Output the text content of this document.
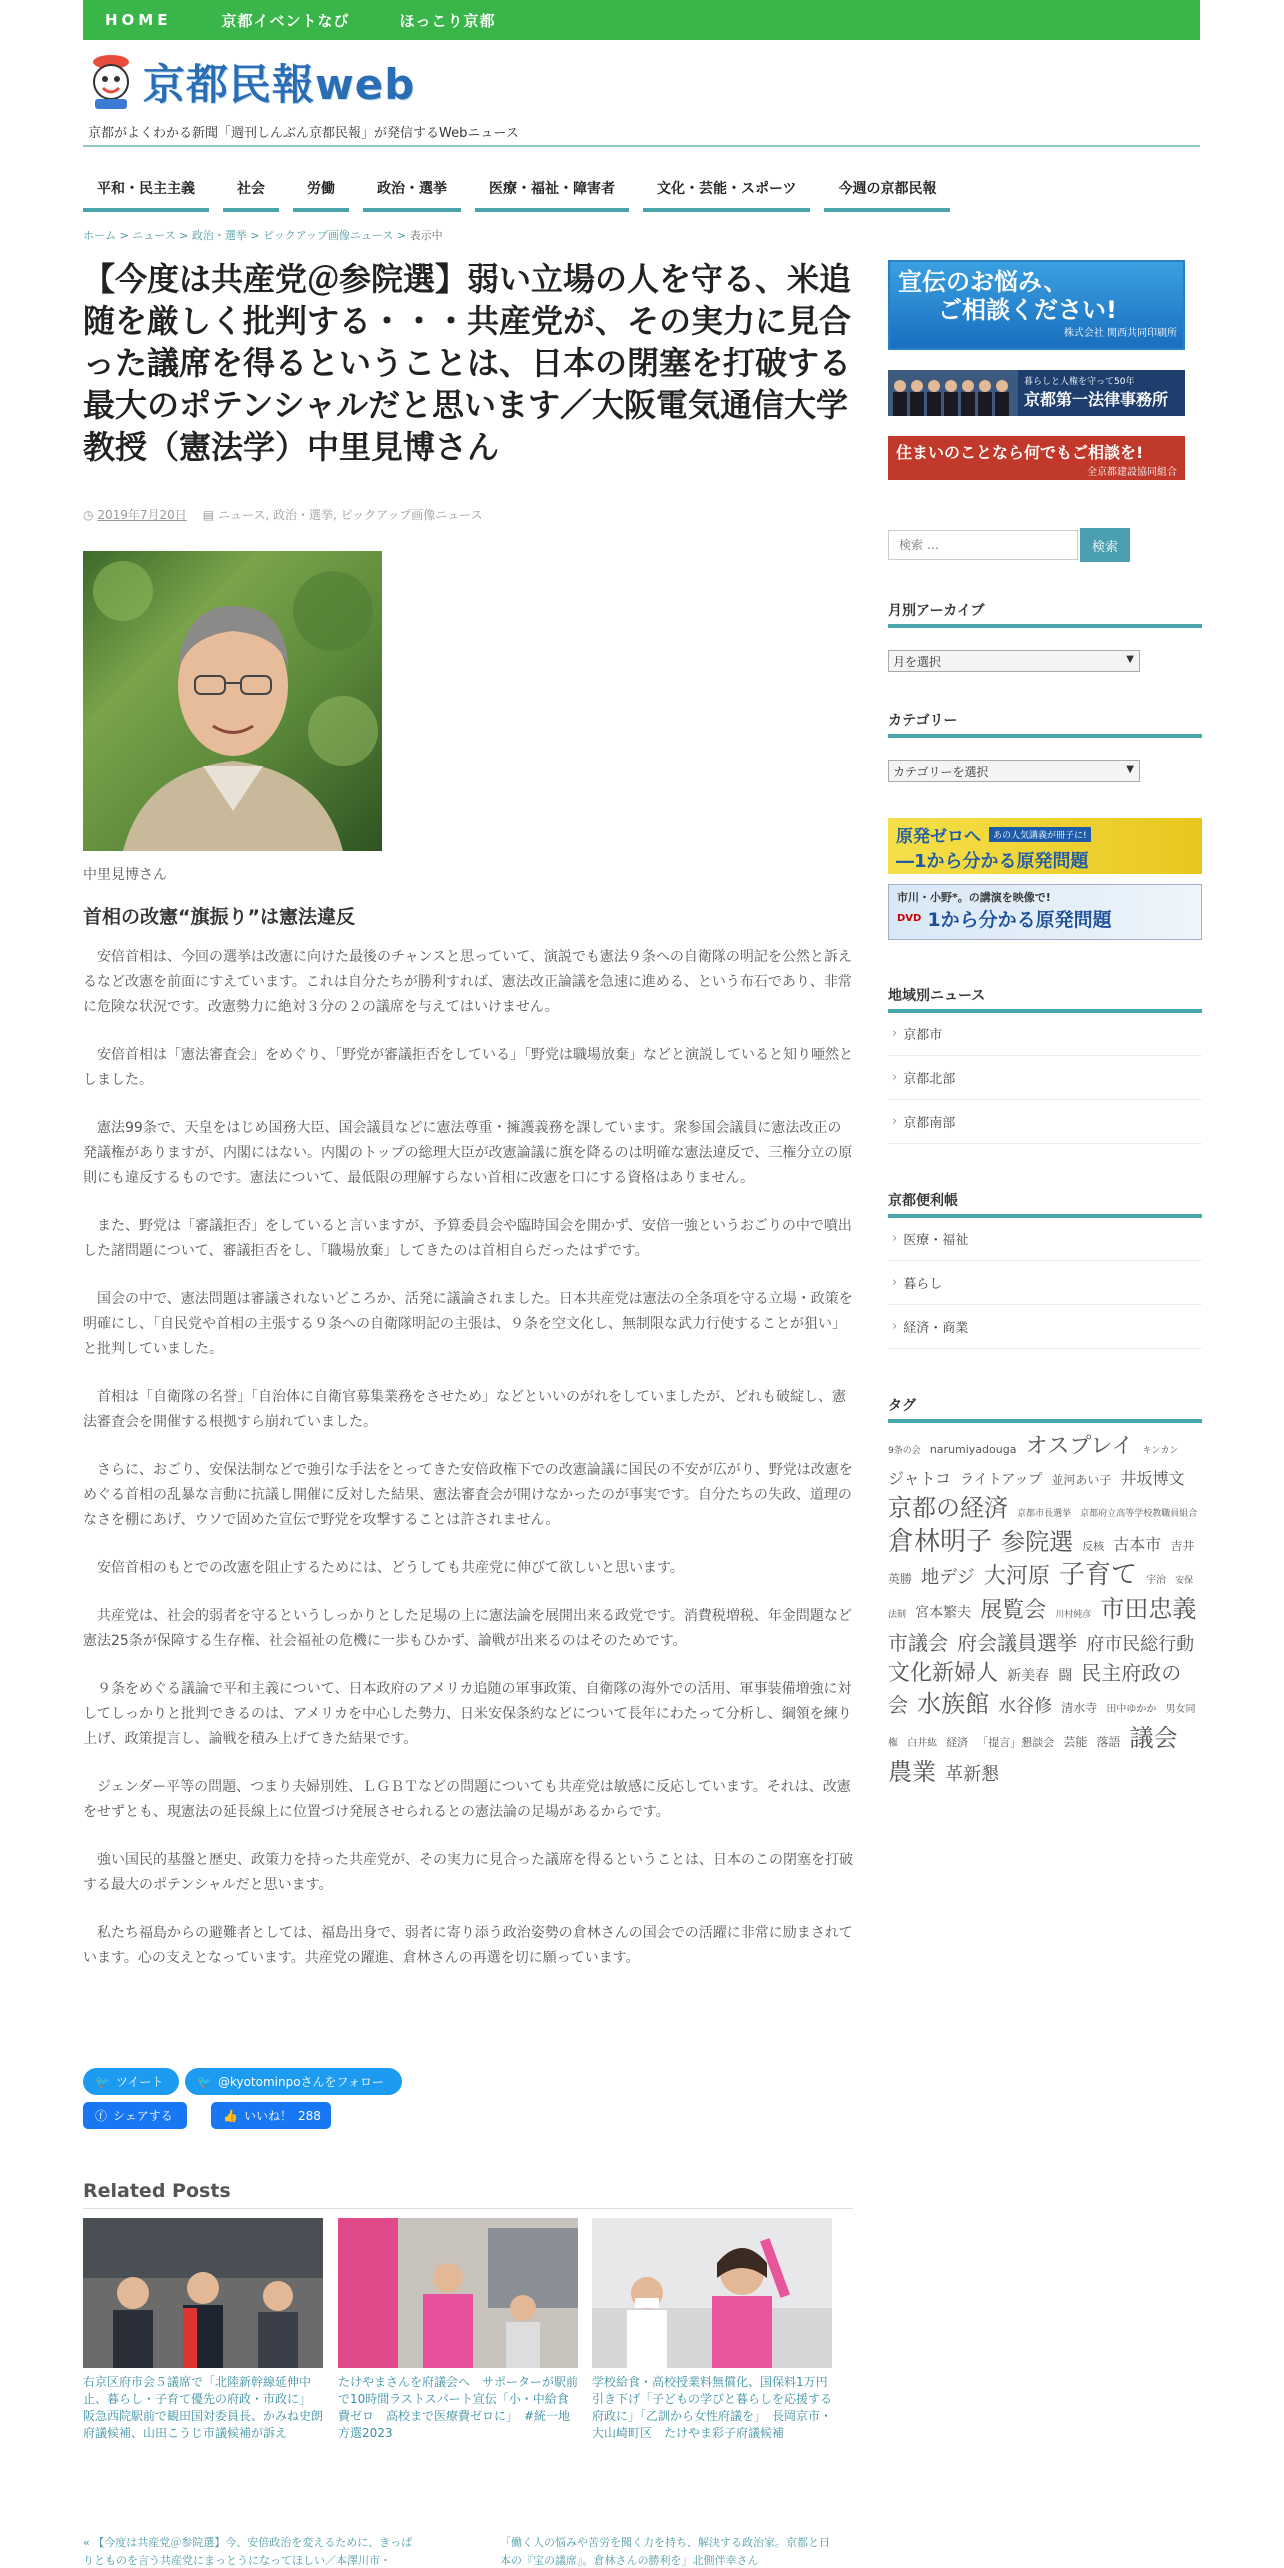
HOME	京都イベントなび	ほっこり京都
京都民報web
京都がよくわかる新聞「週刊しんぶん京都民報」が発信するWebニュース
平和・民主主義	社会	労働	政治・選挙	医療・福祉・障害者	文化・芸能・スポーツ	今週の京都民報
ホーム > ニュース > 政治・選挙 > ピックアップ画像ニュース > 表示中
【今度は共産党＠参院選】弱い立場の人を守る、米追随を厳しく批判する・・・共産党が、その実力に見合った議席を得るということは、日本の閉塞を打破する最大のポテンシャルだと思います／大阪電気通信大学教授（憲法学）中里見博さん
◷ 2019年7月20日 ▤ ニュース, 政治・選挙, ピックアップ画像ニュース
中里見博さん
首相の改憲“旗振り”は憲法違反

安倍首相は、今回の選挙は改憲に向けた最後のチャンスと思っていて、演説でも憲法９条への自衛隊の明記を公然と訴えるなど改憲を前面にすえています。これは自分たちが勝利すれば、憲法改正論議を急速に進める、という布石であり、非常に危険な状況です。改憲勢力に絶対３分の２の議席を与えてはいけません。

安倍首相は「憲法審査会」をめぐり、「野党が審議拒否をしている」「野党は職場放棄」などと演説していると知り唖然としました。

憲法99条で、天皇をはじめ国務大臣、国会議員などに憲法尊重・擁護義務を課しています。衆参国会議員に憲法改正の発議権がありますが、内閣にはない。内閣のトップの総理大臣が改憲論議に旗を降るのは明確な憲法違反で、三権分立の原則にも違反するものです。憲法について、最低限の理解すらない首相に改憲を口にする資格はありません。

また、野党は「審議拒否」をしていると言いますが、予算委員会や臨時国会を開かず、安倍一強というおごりの中で噴出した諸問題について、審議拒否をし、「職場放棄」してきたのは首相自らだったはずです。

国会の中で、憲法問題は審議されないどころか、活発に議論されました。日本共産党は憲法の全条項を守る立場・政策を明確にし、「自民党や首相の主張する９条への自衛隊明記の主張は、９条を空文化し、無制限な武力行使することが狙い」と批判していました。

首相は「自衛隊の名誉」「自治体に自衛官募集業務をさせため」などといいのがれをしていましたが、どれも破綻し、憲法審査会を開催する根拠すら崩れていました。

さらに、おごり、安保法制などで強引な手法をとってきた安倍政権下での改憲論議に国民の不安が広がり、野党は改憲をめぐる首相の乱暴な言動に抗議し開催に反対した結果、憲法審査会が開けなかったのが事実です。自分たちの失政、道理のなさを棚にあげ、ウソで固めた宣伝で野党を攻撃することは許されません。

安倍首相のもとでの改憲を阻止するためには、どうしても共産党に伸びて欲しいと思います。

共産党は、社会的弱者を守るというしっかりとした足場の上に憲法論を展開出来る政党です。消費税増税、年金問題など憲法25条が保障する生存権、社会福祉の危機に一歩もひかず、論戦が出来るのはそのためです。

９条をめぐる議論で平和主義について、日本政府のアメリカ追随の軍事政策、自衛隊の海外での活用、軍事装備増強に対してしっかりと批判できるのは、アメリカを中心した勢力、日米安保条約などについて長年にわたって分析し、綱領を練り上げ、政策提言し、論戦を積み上げてきた結果です。

ジェンダー平等の問題、つまり夫婦別姓、ＬＧＢＴなどの問題についても共産党は敏感に反応しています。それは、改憲をせずとも、現憲法の延長線上に位置づけ発展させられるとの憲法論の足場があるからです。

強い国民的基盤と歴史、政策力を持った共産党が、その実力に見合った議席を得るということは、日本のこの閉塞を打破する最大のポテンシャルだと思います。

私たち福島からの避難者としては、福島出身で、弱者に寄り添う政治姿勢の倉林さんの国会での活躍に非常に励まされています。心の支えとなっています。共産党の躍進、倉林さんの再選を切に願っています。

🐦 ツイート	🐦 @kyotominpoさんをフォロー
ⓕ シェアする	👍 いいね！ 288
Related Posts
右京区府市会５議席で「北陸新幹線延伸中止、暮らし・子育て優先の府政・市政に」　阪急西院駅前で観田国対委員長、かみね史朗府議候補、山田こうじ市議候補が訴え
たけやまさんを府議会へ　サポーターが駅前で10時間ラストスパート宣伝「小・中給食費ゼロ　高校まで医療費ゼロに」　#統一地方選2023
学校給食・高校授業料無償化、国保料1万円引き下げ「子どもの学びと暮らしを応援する府政に」「乙訓から女性府議を」　長岡京市・大山崎町区　たけやま彩子府議候補
« 【今度は共産党＠参院選】今、安倍政治を変えるために、きっぱりとものを言う共産党にまっとうになってほしい／本澤川市・
「働く人の悩みや苦労を聞く力を持ち、解決する政治家。京都と日本の『宝の議席』。倉林さんの勝利を」北側伴幸さん
宣伝のお悩み、
ご相談ください!
株式会社 関西共同印刷所
暮らしと人権を守って50年
京都第一法律事務所
住まいのことなら何でもご相談を!
全京都建設協同組合
検索 …
検索
月別アーカイブ
月を選択	▼
カテゴリー
カテゴリーを選択	▼
原発ゼロへ	あの人気講義が冊子に!
―1から分かる原発問題
市川・小野*。の講演を映像で!
DVD 1から分かる原発問題
地域別ニュース
› 京都市
› 京都北部
› 京都南部
京都便利帳
› 医療・福祉
› 暮らし
› 経済・商業
タグ
9条の会 narumiyadouga オスプレイ キンカン ジャトコ ライトアップ 並河あい子 井坂博文 京都の経済 京都市長選挙 京都府立高等学校教職員組合 倉林明子 参院選 反核 古本市 吉井英勝 地デジ 大河原 子育て 宇治 安保法制 宮本繁夫 展覧会 川村純彦 市田忠義 市議会 府会議員選挙 府市民総行動 文化新婦人 新美春 闘 民主府政の会 水族館 水谷修 清水寺 田中ゆかか 男女同権 白井紘 経済 「提言」懇談会 芸能 落語 議会 農業 革新懇
